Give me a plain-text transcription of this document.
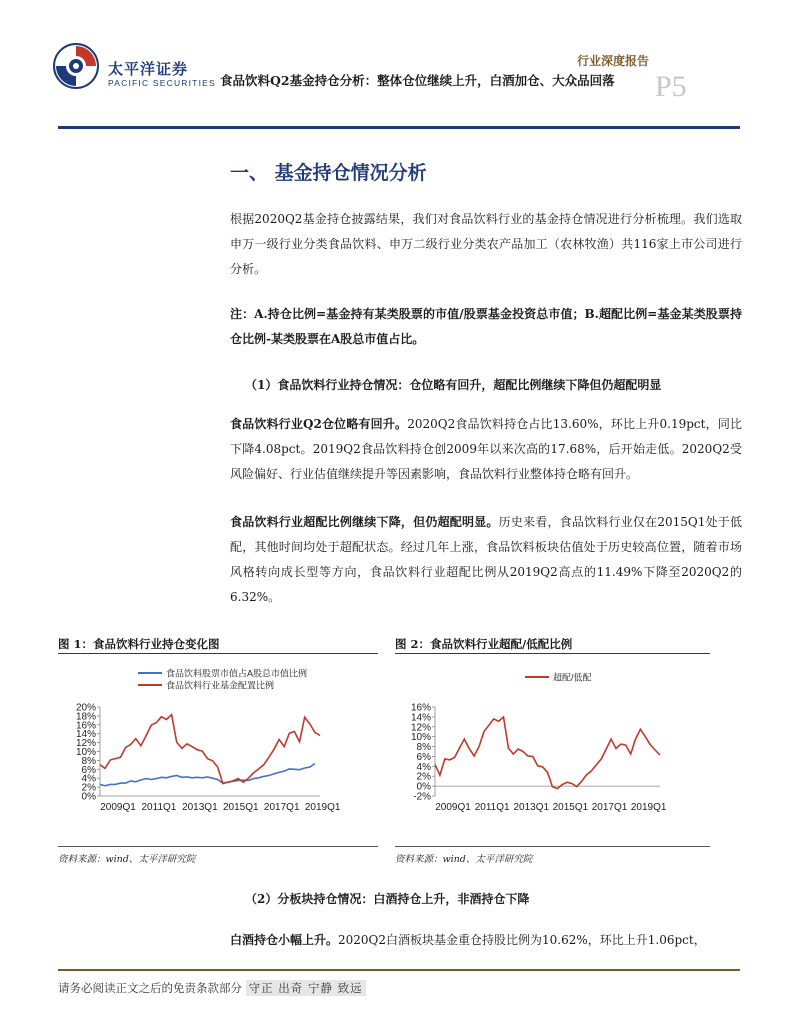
太平洋证券
PACIFIC SECURITIES
行业深度报告
食品饮料Q2基金持仓分析：整体仓位继续上升，白酒加仓、大众品回落 P5
一、 基金持仓情况分析
根据2020Q2基金持仓披露结果，我们对食品饮料行业的基金持仓情况进行分析梳理。我们选取申万一级行业分类食品饮料、申万二级行业分类农产品加工（农林牧渔）共116家上市公司进行分析。
注：A.持仓比例=基金持有某类股票的市值/股票基金投资总市值；B.超配比例=基金某类股票持仓比例-某类股票在A股总市值占比。
（1）食品饮料行业持仓情况：仓位略有回升，超配比例继续下降但仍超配明显
食品饮料行业Q2仓位略有回升。2020Q2食品饮料持仓占比13.60%，环比上升0.19pct，同比下降4.08pct。2019Q2食品饮料持仓创2009年以来次高的17.68%，后开始走低。2020Q2受风险偏好、行业估值继续提升等因素影响，食品饮料行业整体持仓略有回升。
食品饮料行业超配比例继续下降，但仍超配明显。历史来看，食品饮料行业仅在2015Q1处于低配，其他时间均处于超配状态。经过几年上涨，食品饮料板块估值处于历史较高位置，随着市场风格转向成长型等方向，食品饮料行业超配比例从2019Q2高点的11.49%下降至2020Q2的6.32%。
图 1：食品饮料行业持仓变化图	图 2：食品饮料行业超配/低配比例
0%
2%
4%
6%
8%
10%
12%
14%
16%
18%
20%
2009Q1 2011Q1 2013Q1 2015Q1 2017Q1 2019Q1
食品饮料股票市值占A股总市值比例
食品饮料行业基金配置比例
-2%
0%
2%
4%
6%
8%
10%
12%
14%
16%
2009Q1 2011Q1 2013Q1 2015Q1 2017Q1 2019Q1
超配/低配
资料来源：wind、太平洋研究院	资料来源：wind、太平洋研究院
（2）分板块持仓情况：白酒持仓上升，非酒持仓下降
白酒持仓小幅上升。2020Q2白酒板块基金重仓持股比例为10.62%，环比上升1.06pct，
请务必阅读正文之后的免责条款部分 守正 出奇 宁静 致远
